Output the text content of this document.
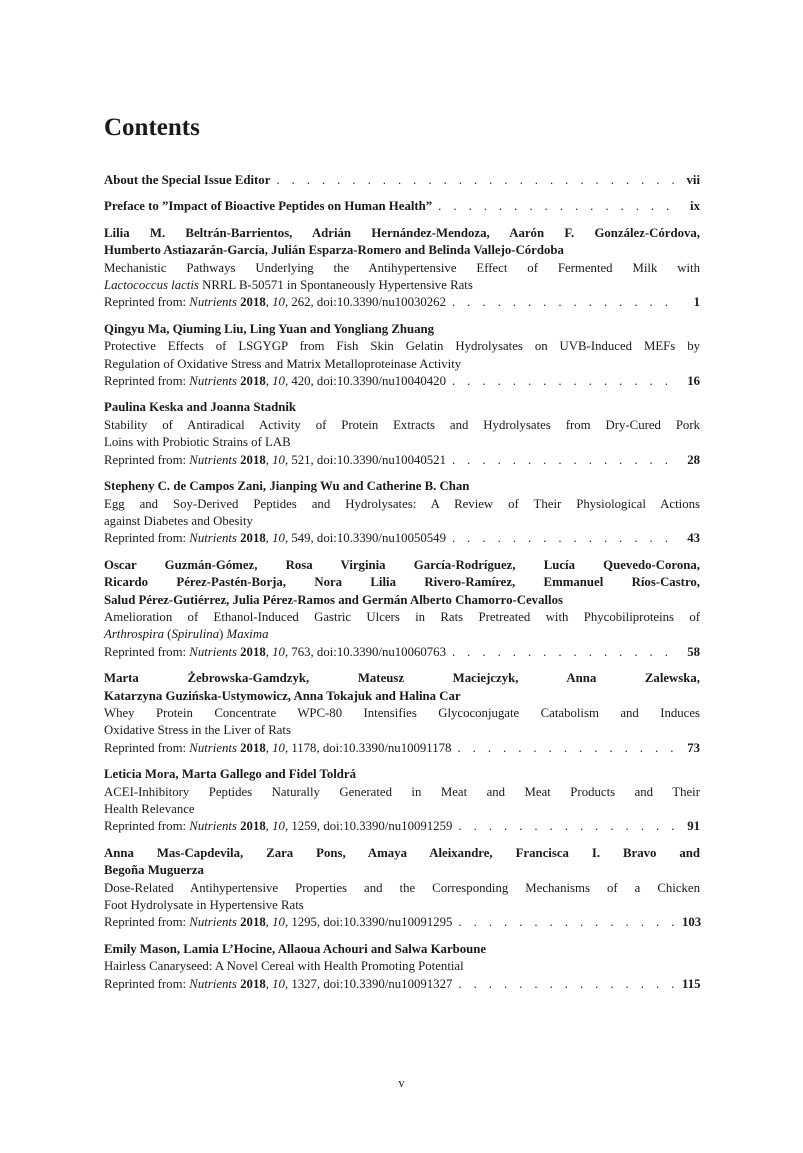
Contents
About the Special Issue Editor . . .	vii
Preface to ”Impact of Bioactive Peptides on Human Health” . . .	ix
Lilia M. Beltrán-Barrientos, Adrián Hernández-Mendoza, Aarón F. González-Córdova,
Humberto Astiazarán-García, Julián Esparza-Romero and Belinda Vallejo-Córdoba
Mechanistic Pathways Underlying the Antihypertensive Effect of Fermented Milk with
Lactococcus lactis NRRL B-50571 in Spontaneously Hypertensive Rats
Reprinted from: Nutrients 2018, 10, 262, doi:10.3390/nu10030262 . . .	1
Qingyu Ma, Qiuming Liu, Ling Yuan and Yongliang Zhuang
Protective Effects of LSGYGP from Fish Skin Gelatin Hydrolysates on UVB-Induced MEFs by
Regulation of Oxidative Stress and Matrix Metalloproteinase Activity
Reprinted from: Nutrients 2018, 10, 420, doi:10.3390/nu10040420 . . .	16
Paulina Keska and Joanna Stadnik
Stability of Antiradical Activity of Protein Extracts and Hydrolysates from Dry-Cured Pork
Loins with Probiotic Strains of LAB
Reprinted from: Nutrients 2018, 10, 521, doi:10.3390/nu10040521 . . .	28
Stepheny C. de Campos Zani, Jianping Wu and Catherine B. Chan
Egg and Soy-Derived Peptides and Hydrolysates: A Review of Their Physiological Actions
against Diabetes and Obesity
Reprinted from: Nutrients 2018, 10, 549, doi:10.3390/nu10050549 . . .	43
Oscar Guzmán-Gómez, Rosa Virginia García-Rodríguez, Lucía Quevedo-Corona,
Ricardo Pérez-Pastén-Borja, Nora Lilia Rivero-Ramírez, Emmanuel Ríos-Castro,
Salud Pérez-Gutiérrez, Julia Pérez-Ramos and Germán Alberto Chamorro-Cevallos
Amelioration of Ethanol-Induced Gastric Ulcers in Rats Pretreated with Phycobiliproteins of
Arthrospira (Spirulina) Maxima
Reprinted from: Nutrients 2018, 10, 763, doi:10.3390/nu10060763 . . .	58
Marta Żebrowska-Gamdzyk, Mateusz Maciejczyk, Anna Zalewska,
Katarzyna Guzińska-Ustymowicz, Anna Tokajuk and Halina Car
Whey Protein Concentrate WPC-80 Intensifies Glycoconjugate Catabolism and Induces
Oxidative Stress in the Liver of Rats
Reprinted from: Nutrients 2018, 10, 1178, doi:10.3390/nu10091178 . . .	73
Leticia Mora, Marta Gallego and Fidel Toldrá
ACEI-Inhibitory Peptides Naturally Generated in Meat and Meat Products and Their
Health Relevance
Reprinted from: Nutrients 2018, 10, 1259, doi:10.3390/nu10091259 . . .	91
Anna Mas-Capdevila, Zara Pons, Amaya Aleixandre, Francisca I. Bravo and
Begoña Muguerza
Dose-Related Antihypertensive Properties and the Corresponding Mechanisms of a Chicken
Foot Hydrolysate in Hypertensive Rats
Reprinted from: Nutrients 2018, 10, 1295, doi:10.3390/nu10091295 . . .	103
Emily Mason, Lamia L’Hocine, Allaoua Achouri and Salwa Karboune
Hairless Canaryseed: A Novel Cereal with Health Promoting Potential
Reprinted from: Nutrients 2018, 10, 1327, doi:10.3390/nu10091327 . . .	115
v
